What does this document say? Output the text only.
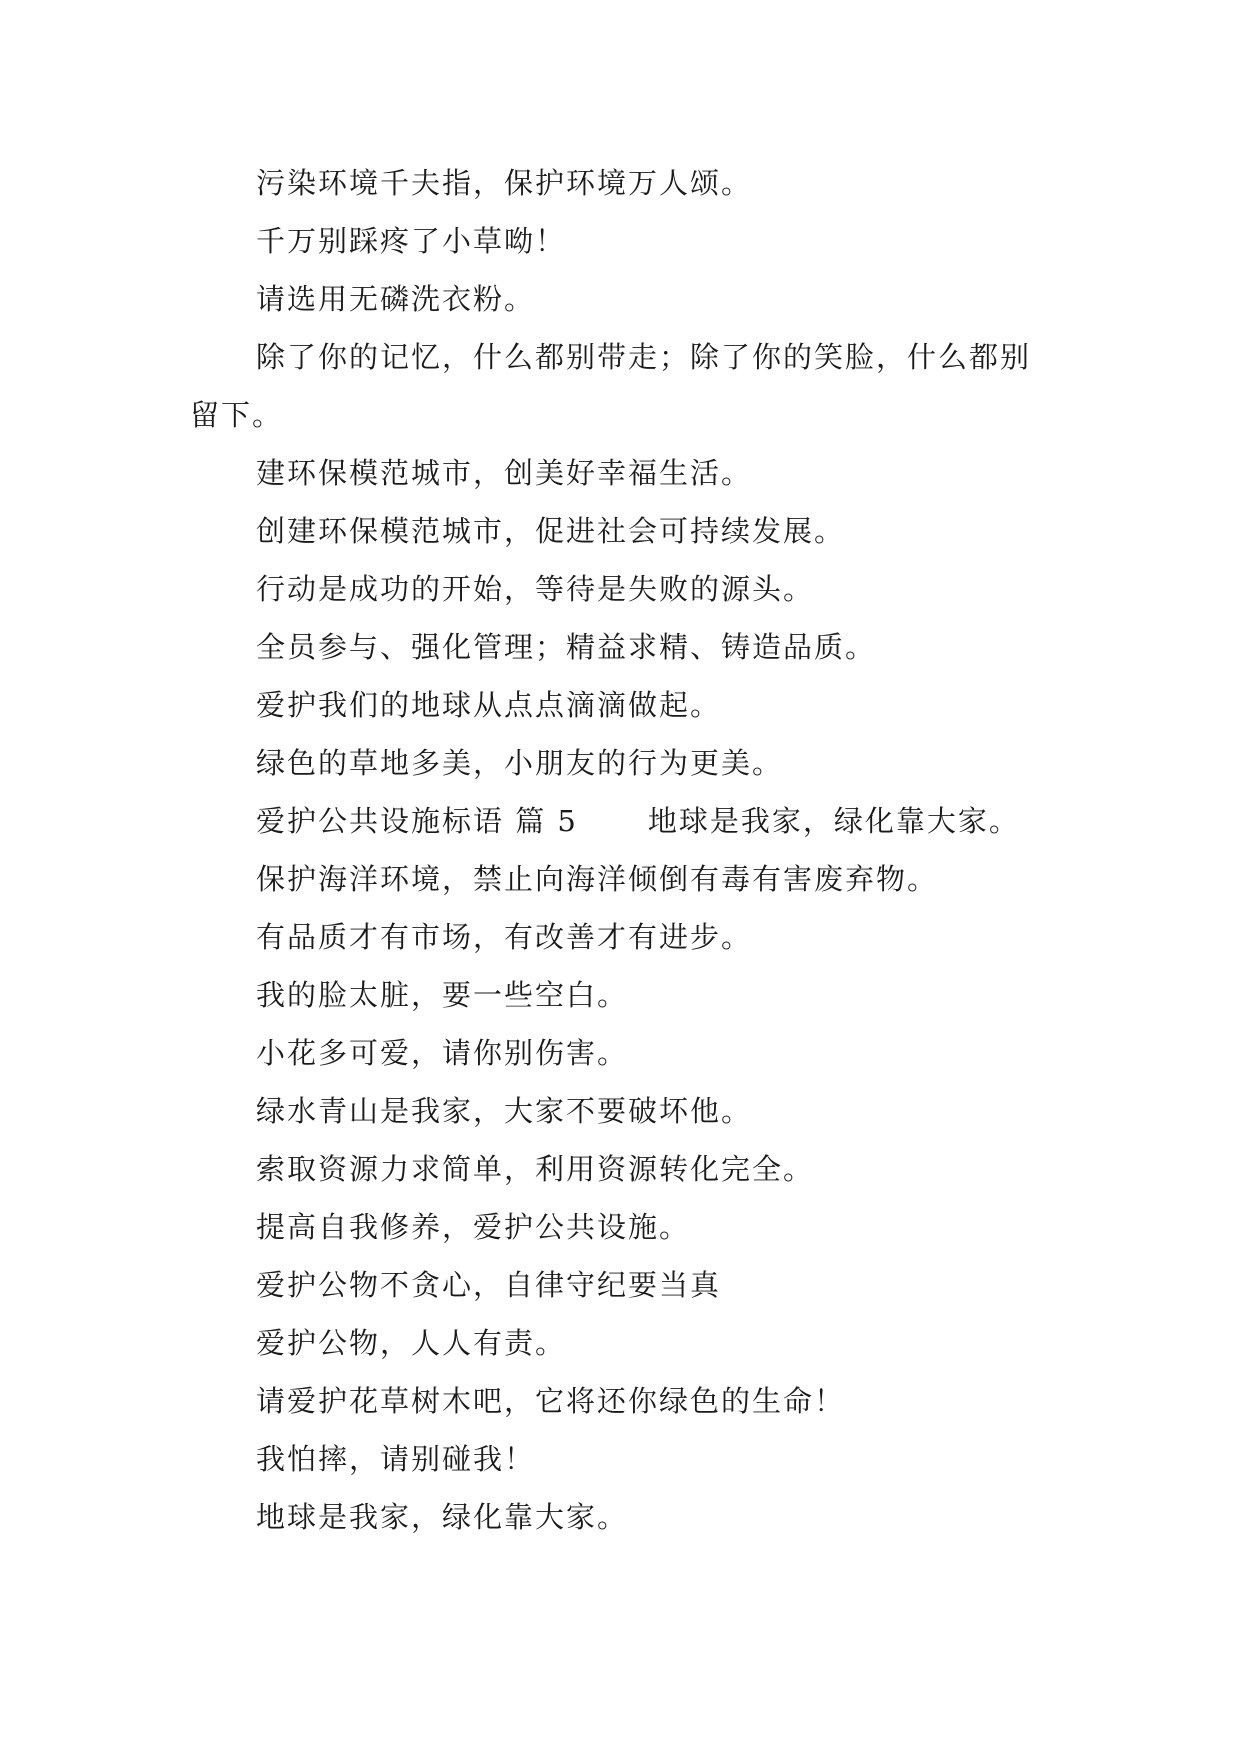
污染环境千夫指，保护环境万人颂。

千万别踩疼了小草呦！

请选用无磷洗衣粉。

除了你的记忆，什么都别带走；除了你的笑脸，什么都别留下。

建环保模范城市，创美好幸福生活。

创建环保模范城市，促进社会可持续发展。

行动是成功的开始，等待是失败的源头。

全员参与、强化管理；精益求精、铸造品质。

爱护我们的地球从点点滴滴做起。

绿色的草地多美，小朋友的行为更美。

爱护公共设施标语 篇 5 地球是我家，绿化靠大家。

保护海洋环境，禁止向海洋倾倒有毒有害废弃物。

有品质才有市场，有改善才有进步。

我的脸太脏，要一些空白。

小花多可爱，请你别伤害。

绿水青山是我家，大家不要破坏他。

索取资源力求简单，利用资源转化完全。

提高自我修养，爱护公共设施。

爱护公物不贪心，自律守纪要当真

爱护公物，人人有责。

请爱护花草树木吧，它将还你绿色的生命！

我怕摔，请别碰我！

地球是我家，绿化靠大家。
